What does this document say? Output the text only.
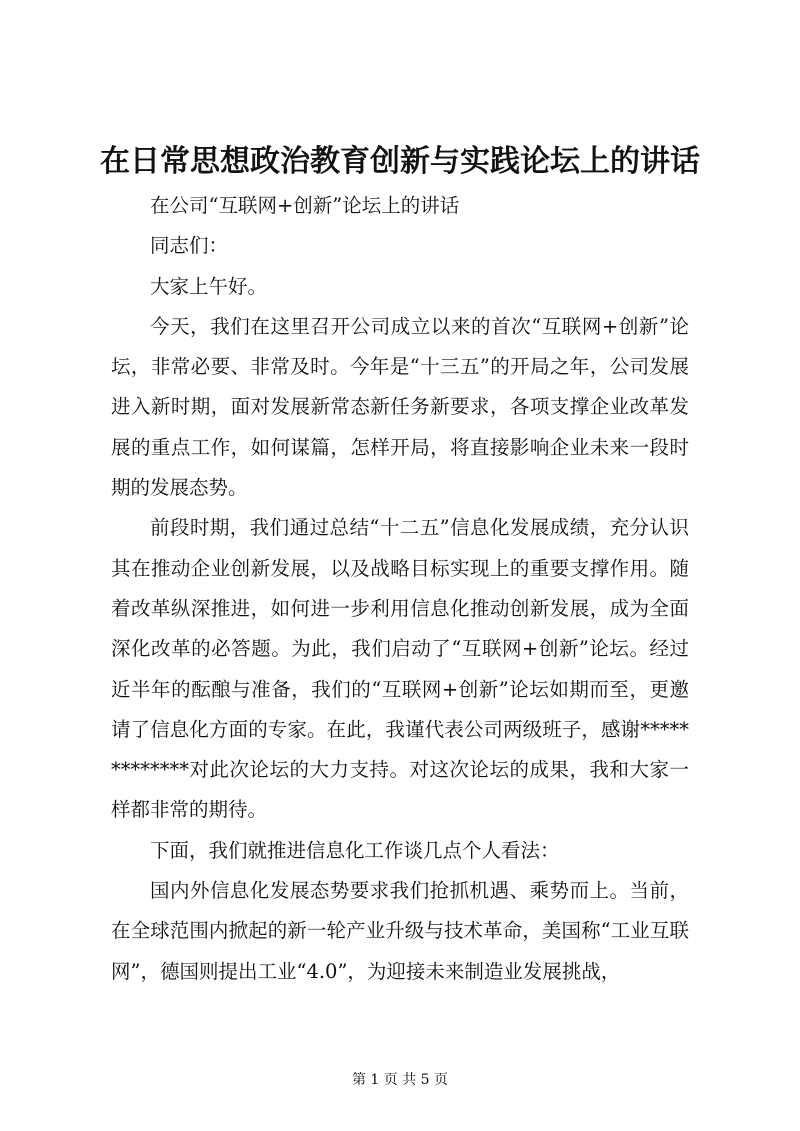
在日常思想政治教育创新与实践论坛上的讲话

在公司“互联网+创新”论坛上的讲话

同志们：

大家上午好。

今天，我们在这里召开公司成立以来的首次“互联网+创新”论坛，非常必要、非常及时。今年是“十三五”的开局之年，公司发展进入新时期，面对发展新常态新任务新要求，各项支撑企业改革发展的重点工作，如何谋篇，怎样开局，将直接影响企业未来一段时期的发展态势。

前段时期，我们通过总结“十二五”信息化发展成绩，充分认识其在推动企业创新发展，以及战略目标实现上的重要支撑作用。随着改革纵深推进，如何进一步利用信息化推动创新发展，成为全面深化改革的必答题。为此，我们启动了“互联网+创新”论坛。经过近半年的酝酿与准备，我们的“互联网+创新”论坛如期而至，更邀请了信息化方面的专家。在此，我谨代表公司两级班子，感谢*************对此次论坛的大力支持。对这次论坛的成果，我和大家一样都非常的期待。

下面，我们就推进信息化工作谈几点个人看法：

国内外信息化发展态势要求我们抢抓机遇、乘势而上。当前，在全球范围内掀起的新一轮产业升级与技术革命，美国称“工业互联网”，德国则提出工业“4.0”，为迎接未来制造业发展挑战，

第 1 页 共 5 页
